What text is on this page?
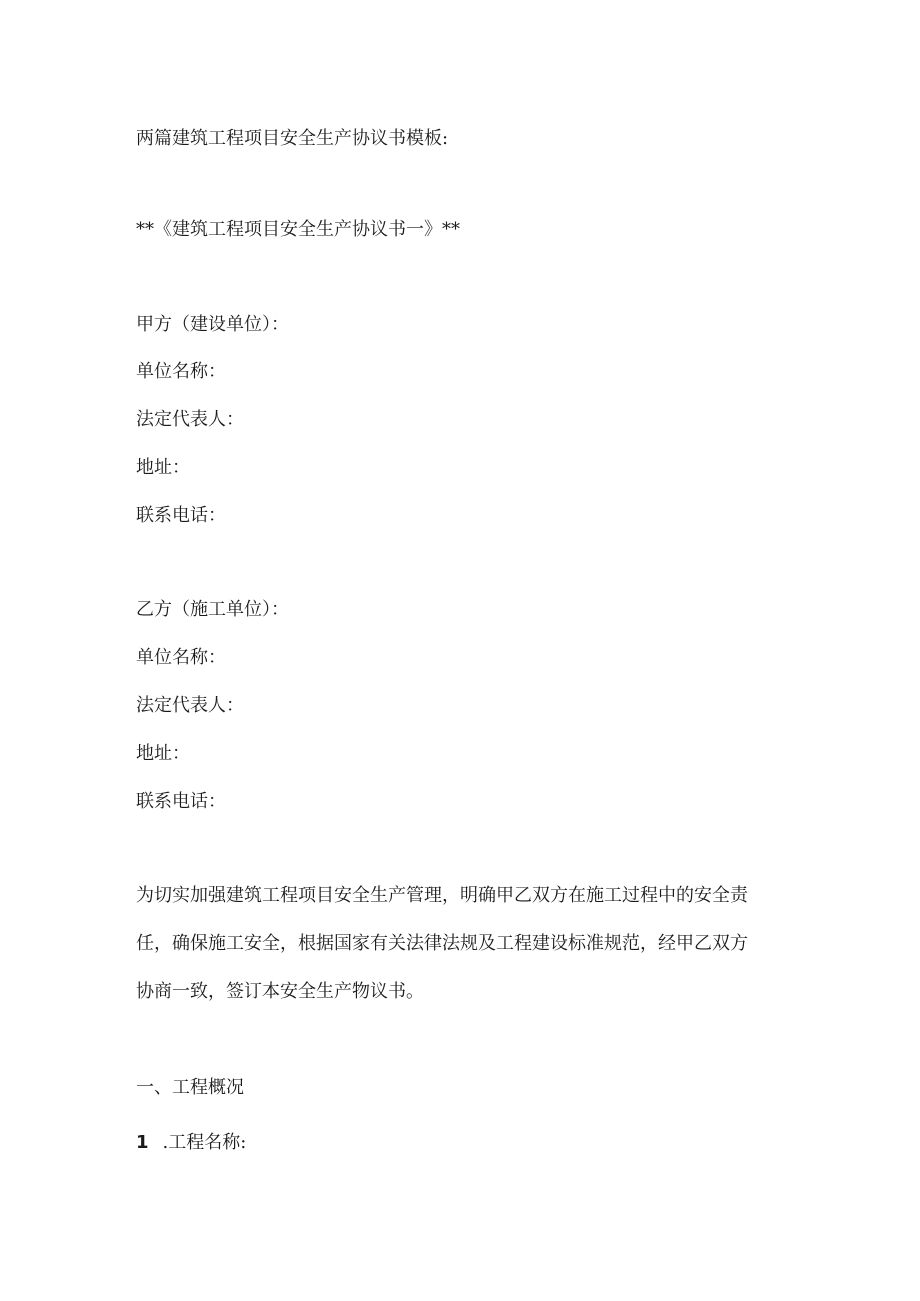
两篇建筑工程项目安全生产协议书模板:

**《建筑工程项目安全生产协议书一》**

甲方（建设单位）：

单位名称：

法定代表人：

地址：

联系电话：

乙方（施工单位）：

单位名称：

法定代表人：

地址：

联系电话：

为切实加强建筑工程项目安全生产管理，明确甲乙双方在施工过程中的安全责
任，确保施工安全，根据国家有关法律法规及工程建设标准规范，经甲乙双方
协商一致，签订本安全生产物议书。

一、工程概况

1 .工程名称:
